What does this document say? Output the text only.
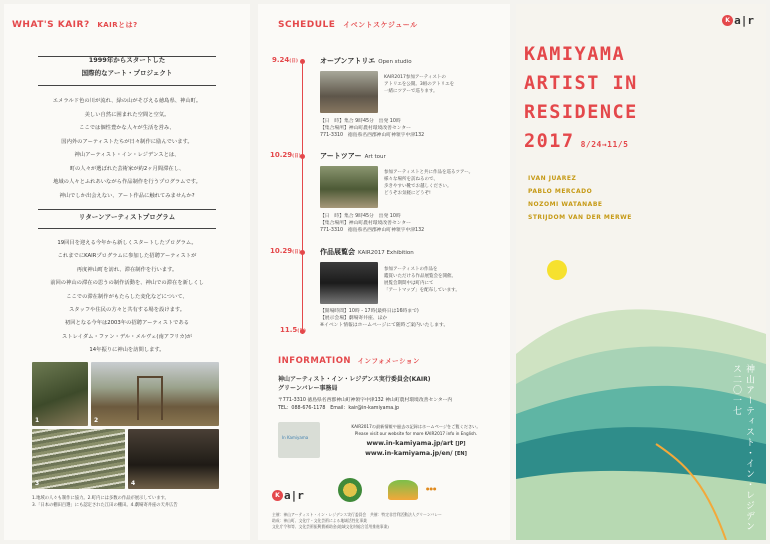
WHAT'S KAIR? KAIRとは?
1999年からスタートした
国際的なアート・プロジェクト
エメラルド色の川が流れ、緑の山がそびえる徳島県、神山町。
美しい自然に囲まれた空間と空気。
ここでは個性豊かな人々が生活を営み、
国内外のアーティストたちが日々制作に励んでいます。
神山アーティスト・イン・レジデンスとは、
町の人々が選ばれた芸術家が約2ヶ月間滞在し、
地域の人々とふれあいながら作品制作を行うプログラムです。
神山でしか出会えない、アート作品に触れてみませんか?
リターンアーティストプログラム
19回目を迎える今年から新しくスタートしたプログラム。
これまでにKAIRプログラムに参加した招聘アーティストが
再度神山町を訪れ、滞在制作を行います。
前回の神山の滞在の思うの制作活動を、神山での滞在を新しくし
ここでの滞在制作がもたらした変化などについて、
スタッフや住民の方々と共有する場を設けます。
初回となる今年は2003年の招聘アーティストである
ストレイダム・ファン・デル・メルヴェ(南アフリカ)が
14年振りに神山を訪問します。
1	2
3	4
1.地域の人々も制作に協力。2.町内には多数の作品が展示しています。
3.「日本の棚田百選」にも認定された江田の棚田。4.劇場寄井座の天井広告
SCHEDULE イベントスケジュール
9.24(日)	オープンアトリエ Open studio
KAIR2017参加アーティストの
アトリエを公開。3組のアトリエを
一緒にツアーで巡ります。
【日　時】集合 9時45分　出発 10時
【集合場所】神山町農村環境改善センター
771-3310　徳島県名西郡神山町神領字中津132
10.29(日)	アートツアー Art tour
参加アーティストと共に作品を巡るツアー。
様々な場所を訪ねるので、
歩きやすい靴でお越しください。
どうぞお気軽にどうぞ!
【日　時】集合 9時45分　出発 10時
【集合場所】神山町農村環境改善センター
771-3310　徳島県名西郡神山町神領字中津132
10.29(日)	作品展覧会 KAIR2017 Exhibition
参加アーティストの作品を
鑑賞いただける作品展覧会を開催。
展覧会期間中は町内にて
「アートマップ」を配布しています。
【開場時間】10時 - 17時(最終日は16時まで)
【展示会場】劇場寄井座、ほか
※イベント情報はホームページにて随時ご案内いたします。
11.5(日)
INFORMATION インフォメーション
神山アーティスト・イン・レジデンス実行委員会(KAIR)
グリーンバレー事務局
〒771-3310 徳島県名西郡神山町神領字中津132 神山町農村環境改善センター内
TEL：088-676-1178　Email：kair@in-kamiyama.jp
In Kamiyama
KAIR2017の最新情報や過去の記録はホームページをご覧ください。
Please visit our website for more KAIR2017 info in English.
www.in-kamiyama.jp/art [JP]
www.in-kamiyama.jp/en/ [EN]
K a|r
●●●
主催：神山アーティスト・イン・レジデンス実行委員会　共催：特定非営利活動法人グリーンバレー
助成：神山町、文化庁・文化芸術による地域活性化事業
文化庁令和等、文化芸術振興費補助金(地域文化財総合活用推進事業)
K a|r
KAMIYAMA
ARTIST IN
RESIDENCE
2017 8/24→11/5
IVAN JUAREZ
PABLO MERCADO
NOZOMI WATANABE
STRIJDOM VAN DER MERWE
神山アーティスト・イン・レジデンス二〇一七
